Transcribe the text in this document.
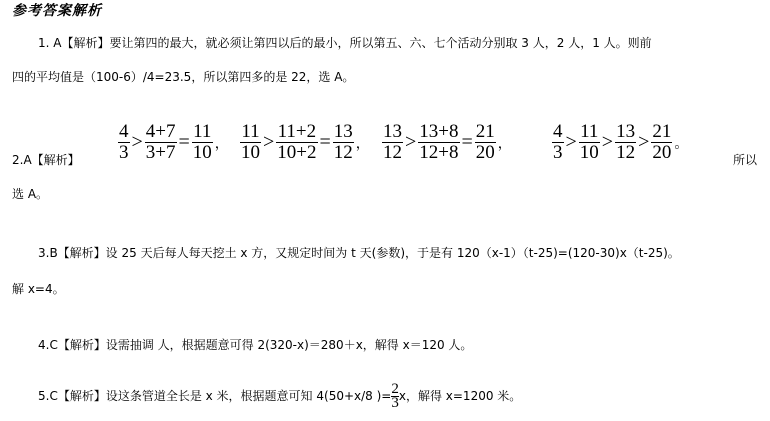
参考答案解析
1. A【解析】要让第四的最大，就必须让第四以后的最小，所以第五、六、七个活动分别取 3 人，2 人，1 人。则前
四的平均值是（100-6）/4=23.5，所以第四多的是 22，选 A。
2.A【解析】 $\frac{4}{3} > \frac{4+7}{3+7} = \frac{11}{10}$ ， $\frac{11}{10} > \frac{11+2}{10+2} = \frac{13}{12}$ ， $\frac{13}{12} > \frac{13+8}{12+8} = \frac{21}{20}$ ，	$\frac{4}{3} > \frac{11}{10} > \frac{13}{12} > \frac{21}{20}$ 。
所以
选 A。
3.B【解析】设 25 天后每人每天挖土 x 方，又规定时间为 t 天(参数)，于是有 120（x-1）（t-25)=(120-30)x（t-25)。
解 x=4。
4.C【解析】设需抽调 人，根据题意可得 2(320-x)＝280＋x，解得 x＝120 人。
5.C【解析】设这条管道全长是 x 米，根据题意可知 4(50+x/8 )= $\frac{2}{3}$ x，解得 x=1200 米。
